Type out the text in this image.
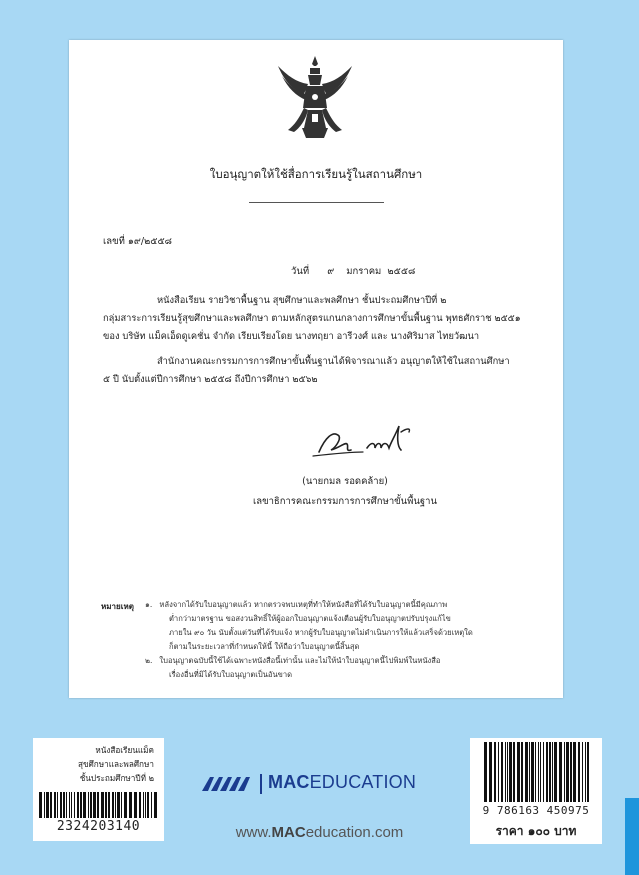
ใบอนุญาตให้ใช้สื่อการเรียนรู้ในสถานศึกษา
เลขที่ ๑๙/๒๕๕๘
วันที่ ๙    มกราคม  ๒๕๕๘
หนังสือเรียน รายวิชาพื้นฐาน สุขศึกษาและพลศึกษา ชั้นประถมศึกษาปีที่ ๒
กลุ่มสาระการเรียนรู้สุขศึกษาและพลศึกษา ตามหลักสูตรแกนกลางการศึกษาขั้นพื้นฐาน พุทธศักราช ๒๕๕๑
ของ บริษัท แม็คเอ็ดดูเคชั่น จำกัด เรียบเรียงโดย นางทฤยา อารีวงศ์ และ นางศิริมาส ไทยวัฒนา
สำนักงานคณะกรรมการการศึกษาขั้นพื้นฐานได้พิจารณาแล้ว อนุญาตให้ใช้ในสถานศึกษา
๕ ปี นับตั้งแต่ปีการศึกษา ๒๕๕๘ ถึงปีการศึกษา ๒๕๖๒
(นายกมล รอดคล้าย)
เลขาธิการคณะกรรมการการศึกษาขั้นพื้นฐาน
หมายเหตุ ๑. หลังจากได้รับใบอนุญาตแล้ว หากตรวจพบเหตุที่ทำให้หนังสือที่ได้รับใบอนุญาตนี้มีคุณภาพ
ต่ำกว่ามาตรฐาน ขอสงวนสิทธิ์ให้ผู้ออกใบอนุญาตแจ้งเตือนผู้รับใบอนุญาตปรับปรุงแก้ไข
ภายใน ๙๐ วัน นับตั้งแต่วันที่ได้รับแจ้ง หากผู้รับใบอนุญาตไม่ดำเนินการให้แล้วเสร็จด้วยเหตุใด
ก็ตามในระยะเวลาที่กำหนดให้นี้ ให้ถือว่าใบอนุญาตนี้สิ้นสุด
๒. ใบอนุญาตฉบับนี้ใช้ได้เฉพาะหนังสือนี้เท่านั้น และไม่ให้นำใบอนุญาตนี้ไปพิมพ์ในหนังสือ
เรื่องอื่นที่มิได้รับใบอนุญาตเป็นอันขาด
หนังสือเรียนแม็ค
สุขศึกษาและพลศึกษา
ชั้นประถมศึกษาปีที่ ๒
2324203140
MACEDUCATION
www.MACeducation.com
9 786163 450975
ราคา ๑๐๐ บาท
